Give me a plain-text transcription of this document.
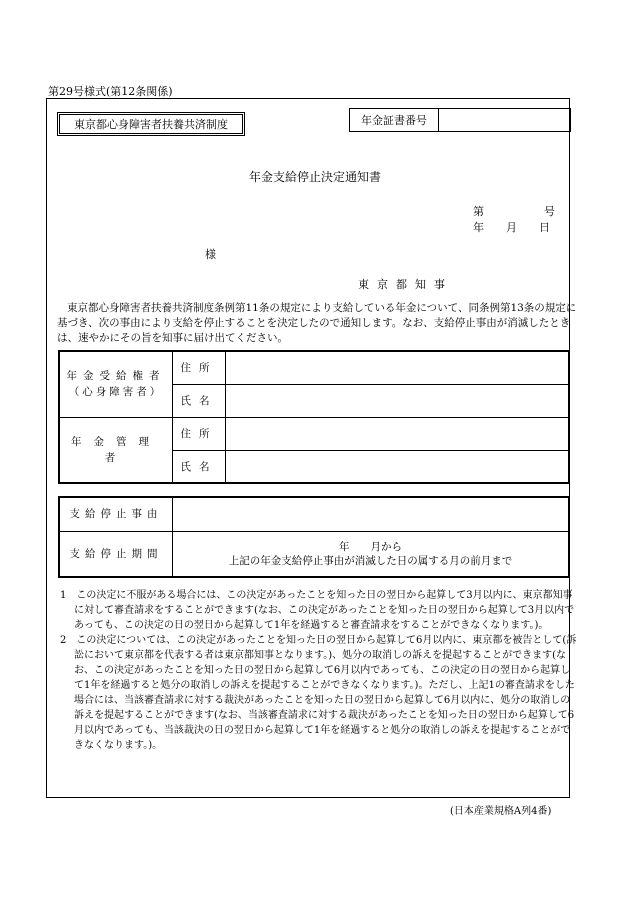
第29号様式(第12条関係)
東京都心身障害者扶養共済制度	年金証書番号
年金支給停止決定通知書
第	号
年　　月　　日
様
東京都知事
東京都心身障害者扶養共済制度条例第11条の規定により支給している年金について、同条例第13条の規定に基づき、次の事由により支給を停止することを決定したので通知します。なお、支給停止事由が消滅したときは、速やかにその旨を知事に届け出てください。
年金受給権者
（心身障害者）	住所	
	氏名	
年金管理者	住所	
	氏名	
支給停止事由	
支給停止期間	年　　月から
上記の年金支給停止事由が消滅した日の属する月の前月まで

1　この決定に不服がある場合には、この決定があったことを知った日の翌日から起算して3月以内に、東京都知事に対して審査請求をすることができます(なお、この決定があったことを知った日の翌日から起算して3月以内であっても、この決定の日の翌日から起算して1年を経過すると審査請求をすることができなくなります。)。

2　この決定については、この決定があったことを知った日の翌日から起算して6月以内に、東京都を被告として(訴訟において東京都を代表する者は東京都知事となります。)、処分の取消しの訴えを提起することができます(なお、この決定があったことを知った日の翌日から起算して6月以内であっても、この決定の日の翌日から起算して1年を経過すると処分の取消しの訴えを提起することができなくなります。)。ただし、上記1の審査請求をした場合には、当該審査請求に対する裁決があったことを知った日の翌日から起算して6月以内に、処分の取消しの訴えを提起することができます(なお、当該審査請求に対する裁決があったことを知った日の翌日から起算して6月以内であっても、当該裁決の日の翌日から起算して1年を経過すると処分の取消しの訴えを提起することができなくなります。)。

(日本産業規格A列4番)
